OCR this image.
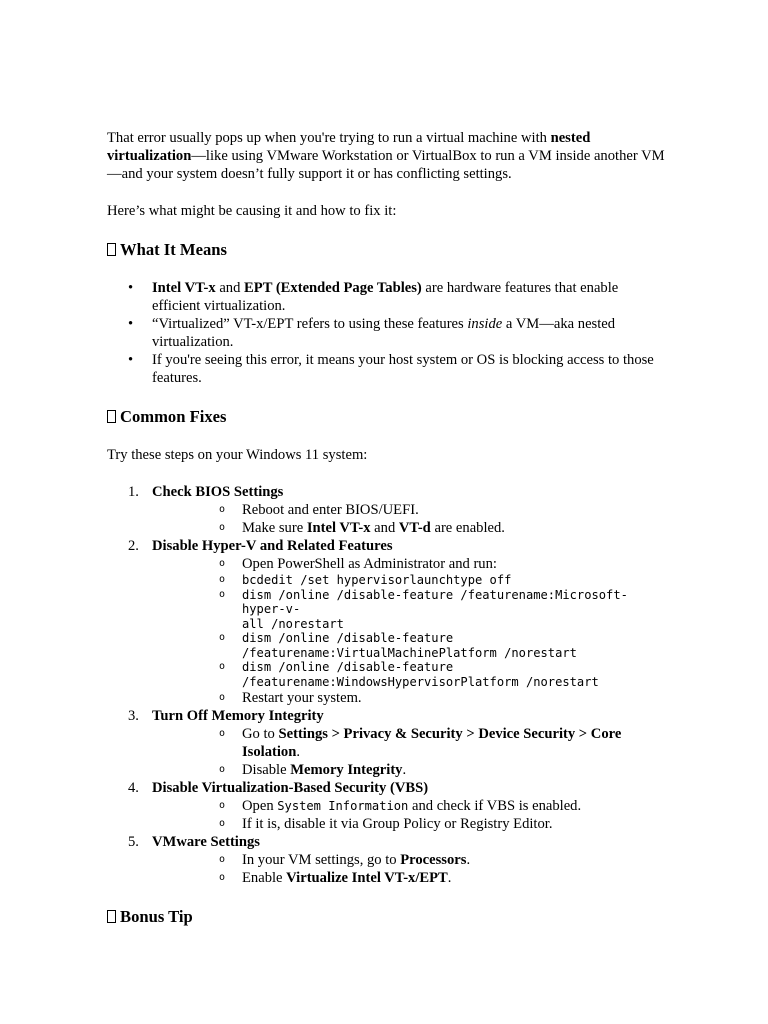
That error usually pops up when you're trying to run a virtual machine with nested virtualization—like using VMware Workstation or VirtualBox to run a VM inside another VM—and your system doesn’t fully support it or has conflicting settings.

Here’s what might be causing it and how to fix it:

What It Means
• Intel VT-x and EPT (Extended Page Tables) are hardware features that enable efficient virtualization.
• “Virtualized” VT-x/EPT refers to using these features inside a VM—aka nested virtualization.
• If you're seeing this error, it means your host system or OS is blocking access to those features.
Common Fixes

Try these steps on your Windows 11 system:

1. Check BIOS Settings
o Reboot and enter BIOS/UEFI.
o Make sure Intel VT-x and VT-d are enabled.
2. Disable Hyper-V and Related Features
o Open PowerShell as Administrator and run:
o bcdedit /set hypervisorlaunchtype off
o dism /online /disable-feature /featurename:Microsoft-hyper-v-
all /norestart
o dism /online /disable-feature
/featurename:VirtualMachinePlatform /norestart
o dism /online /disable-feature
/featurename:WindowsHypervisorPlatform /norestart
o Restart your system.
3. Turn Off Memory Integrity
o Go to Settings > Privacy & Security > Device Security > Core Isolation.
o Disable Memory Integrity.
4. Disable Virtualization-Based Security (VBS)
o Open System Information and check if VBS is enabled.
o If it is, disable it via Group Policy or Registry Editor.
5. VMware Settings
o In your VM settings, go to Processors.
o Enable Virtualize Intel VT-x/EPT.
Bonus Tip
